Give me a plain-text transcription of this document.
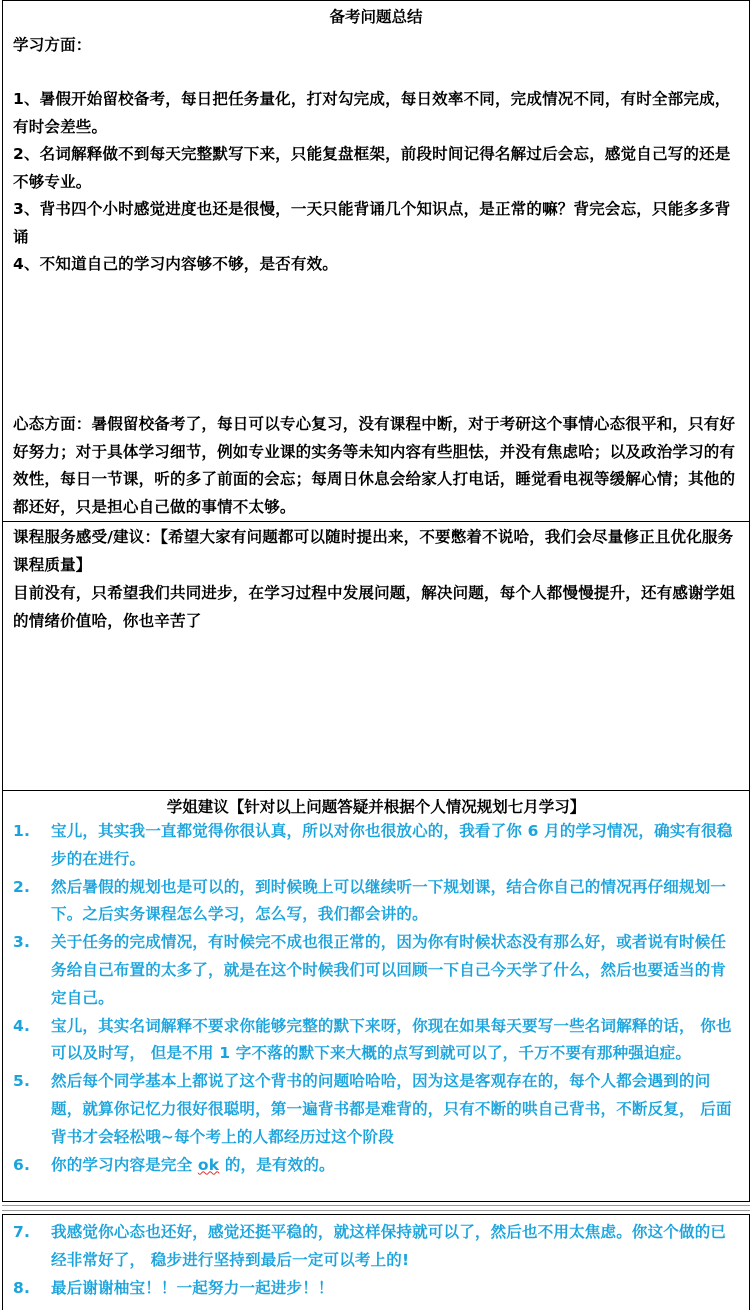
备考问题总结
学习方面：

1、暑假开始留校备考，每日把任务量化，打对勾完成，每日效率不同，完成情况不同，有时全部完成，有时会差些。

2、名词解释做不到每天完整默写下来，只能复盘框架，前段时间记得名解过后会忘，感觉自己写的还是不够专业。

3、背书四个小时感觉进度也还是很慢，一天只能背诵几个知识点，是正常的嘛？背完会忘，只能多多背诵

4、不知道自己的学习内容够不够，是否有效。

心态方面：暑假留校备考了，每日可以专心复习，没有课程中断，对于考研这个事情心态很平和，只有好好努力；对于具体学习细节，例如专业课的实务等未知内容有些胆怯，并没有焦虑哈；以及政治学习的有效性，每日一节课，听的多了前面的会忘；每周日休息会给家人打电话，睡觉看电视等缓解心情；其他的都还好，只是担心自己做的事情不太够。
课程服务感受/建议：【希望大家有问题都可以随时提出来，不要憋着不说哈，我们会尽量修正且优化服务课程质量】
目前没有，只希望我们共同进步，在学习过程中发展问题，解决问题，每个人都慢慢提升，还有感谢学姐的情绪价值哈，你也辛苦了
学姐建议【针对以上问题答疑并根据个人情况规划七月学习】
1. 宝儿，其实我一直都觉得你很认真，所以对你也很放心的，我看了你 6 月的学习情况，确实有很稳步的在进行。
2. 然后暑假的规划也是可以的，到时候晚上可以继续听一下规划课，结合你自己的情况再仔细规划一下。之后实务课程怎么学习，怎么写，我们都会讲的。
3. 关于任务的完成情况，有时候完不成也很正常的，因为你有时候状态没有那么好，或者说有时候任务给自己布置的太多了，就是在这个时候我们可以回顾一下自己今天学了什么，然后也要适当的肯定自己。
4. 宝儿，其实名词解释不要求你能够完整的默下来呀，你现在如果每天要写一些名词解释的话， 你也可以及时写， 但是不用 1 字不落的默下来大概的点写到就可以了，千万不要有那种强迫症。
5. 然后每个同学基本上都说了这个背书的问题哈哈哈，因为这是客观存在的，每个人都会遇到的问题，就算你记忆力很好很聪明，第一遍背书都是难背的，只有不断的哄自己背书，不断反复， 后面背书才会轻松哦~每个考上的人都经历过这个阶段
6. 你的学习内容是完全 ok 的，是有效的。
7. 我感觉你心态也还好，感觉还挺平稳的，就这样保持就可以了，然后也不用太焦虑。你这个做的已经非常好了， 稳步进行坚持到最后一定可以考上的!
8. 最后谢谢柚宝！！一起努力一起进步！！
